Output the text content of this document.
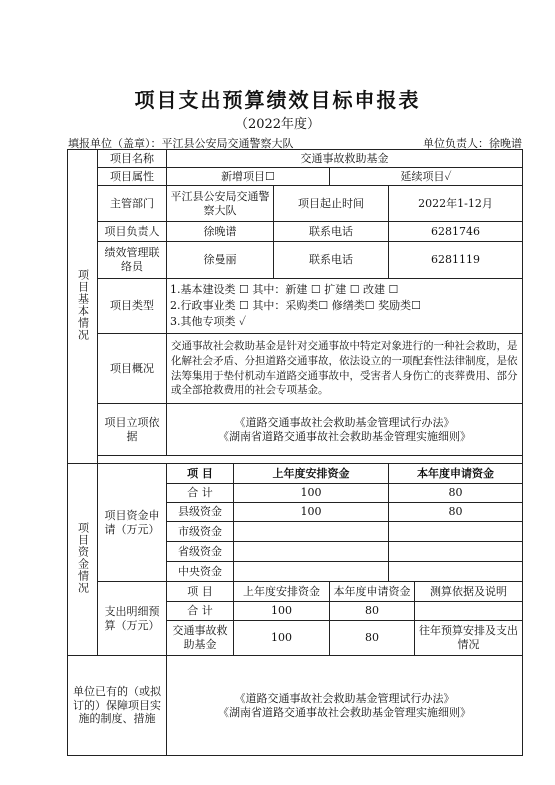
项目支出预算绩效目标申报表
（2022年度）
填报单位（盖章）：平江县公安局交通警察大队	单位负责人：徐晚谱
项目基本情况	项目名称	交通事故救助基金					
	项目属性	新增项目☐			延续项目✓		
	主管部门	平江县公安局交通警察大队		项目起止时间		2022年1-12月	
	项目负责人	徐晚谱		联系电话		6281746	
	绩效管理联络员	徐曼丽		联系电话		6281119	
	项目类型	1.基本建设类 ☐ 其中：新建 ☐ 扩建 ☐ 改建 ☐
2.行政事业类 ☐ 其中：采购类☐ 修缮类☐ 奖励类☐
3.其他专项类 ✓					

	项目概况	交通事故社会救助基金是针对交通事故中特定对象进行的一种社会救助，是化解社会矛盾、分担道路交通事故，依法设立的一项配套性法律制度，是依法筹集用于垫付机动车道路交通事故中，受害者人身伤亡的丧葬费用、部分或全部抢救费用的社会专项基金。					
	项目立项依据	《道路交通事故社会救助基金管理试行办法》
《湖南省道路交通事故社会救助基金管理实施细则》					

项目资金情况	项目资金申请（万元）	项 目	上年度安排资金			本年度申请资金	
		合 计	100			80	
		县级资金	100			80	
		市级资金					
		省级资金					
		中央资金					
	支出明细预算（万元）	项 目	上年度安排资金		本年度申请资金		测算依据及说明
		合 计	100		80		
		交通事故救助基金	100		80		往年预算安排及支出情况
单位已有的（或拟订的）保障项目实施的制度、措施		《道路交通事故社会救助基金管理试行办法》
《湖南省道路交通事故社会救助基金管理实施细则》					
